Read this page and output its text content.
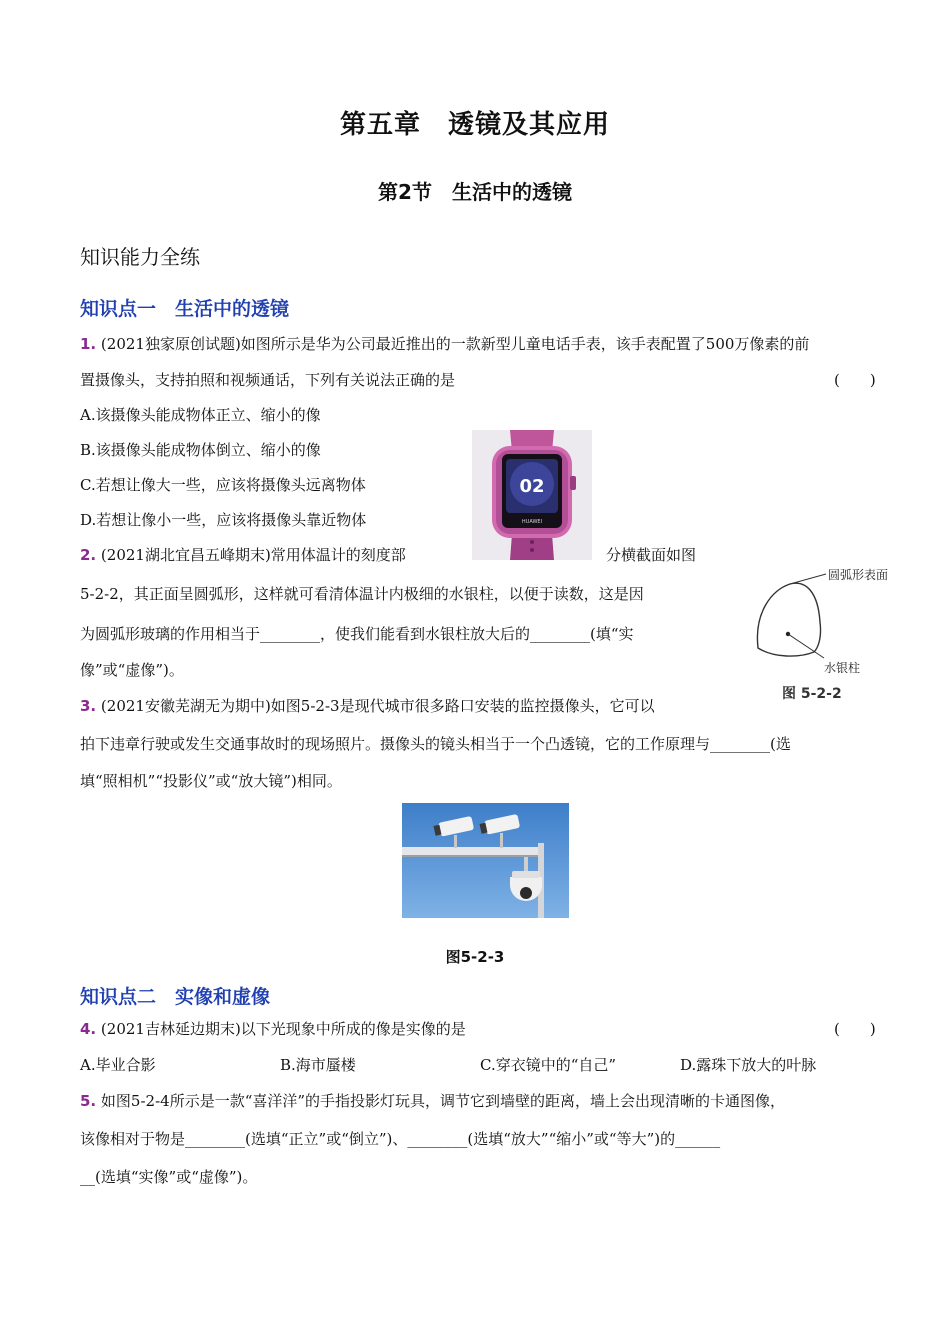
第五章　透镜及其应用
第2节　生活中的透镜
知识能力全练
知识点一　生活中的透镜
1. (2021独家原创试题)如图所示是华为公司最近推出的一款新型儿童电话手表，该手表配置了500万像素的前
置摄像头，支持拍照和视频通话，下列有关说法正确的是	(　　)
A.该摄像头能成物体正立、缩小的像
B.该摄像头能成物体倒立、缩小的像
C.若想让像大一些，应该将摄像头远离物体
D.若想让像小一些，应该将摄像头靠近物体
02
HUAWEI
2. (2021湖北宜昌五峰期末)常用体温计的刻度部	分横截面如图
5-2-2，其正面呈圆弧形，这样就可看清体温计内极细的水银柱，以便于读数，这是因
为圆弧形玻璃的作用相当于________，使我们能看到水银柱放大后的________(填“实
像”或“虚像”)。
圆弧形表面
水银柱
图 5-2-2
3. (2021安徽芜湖无为期中)如图5-2-3是现代城市很多路口安装的监控摄像头，它可以
拍下违章行驶或发生交通事故时的现场照片。摄像头的镜头相当于一个凸透镜，它的工作原理与________(选
填“照相机”“投影仪”或“放大镜”)相同。
图5-2-3
知识点二　实像和虚像
4. (2021吉林延边期末)以下光现象中所成的像是实像的是	(　　)
A.毕业合影	B.海市蜃楼	C.穿衣镜中的“自己”	D.露珠下放大的叶脉
5. 如图5-2-4所示是一款“喜洋洋”的手指投影灯玩具，调节它到墙壁的距离，墙上会出现清晰的卡通图像，
该像相对于物是________(选填“正立”或“倒立”)、________(选填“放大”“缩小”或“等大”)的______
__(选填“实像”或“虚像”)。
